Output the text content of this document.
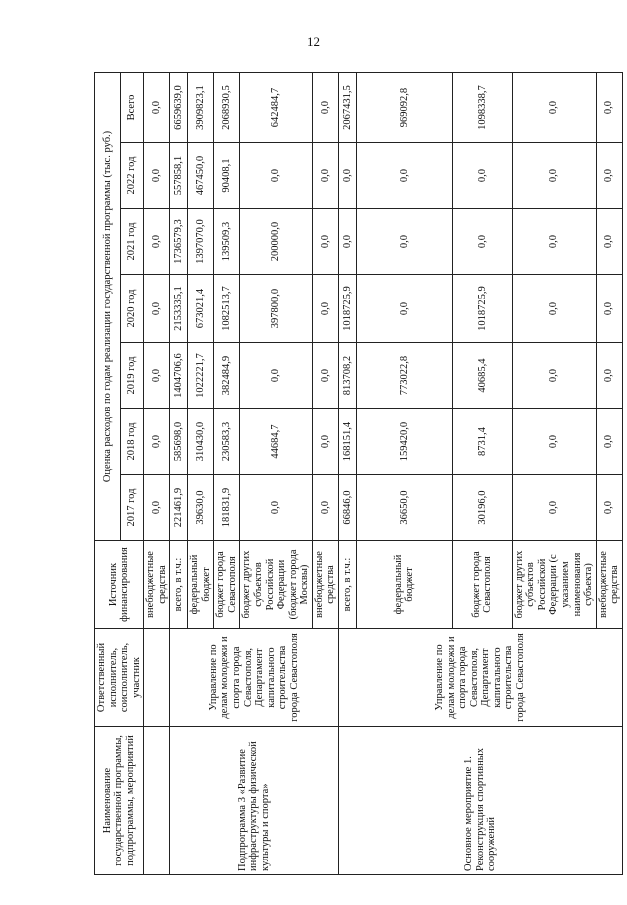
12
Наименование государственной программы, подпрограммы, мероприятий	Ответственный исполнитель, соисполнитель, участник	Источник финансирования	Оценка расходов по годам реализации государственной программы (тыс. руб.)						
			2017 год	2018 год	2019 год	2020 год	2021 год	2022 год	Всего
		внебюджетные средства	0,0	0,0	0,0	0,0	0,0	0,0	0,0
Подпрограмма 3 «Развитие инфраструктуры физической культуры и спорта»	Управление по делам молодежи и спорта города Севастополя, Департамент капитального строительства города Севастополя	всего, в т.ч.:	221461,9	585698,0	1404706,6	2153335,1	1736579,3	557858,1	6659639,0
		федеральный бюджет	39630,0	310430,0	1022221,7	673021,4	1397070,0	467450,0	3909823,1
		бюджет города Севастополя	181831,9	230583,3	382484,9	1082513,7	139509,3	90408,1	2068930,5
		бюджет других субъектов Российской Федерации (бюджет города Москвы)	0,0	44684,7	0,0	397800,0	200000,0	0,0	642484,7
		внебюджетные средства	0,0	0,0	0,0	0,0	0,0	0,0	0,0
Основное мероприятие 1. Реконструкция спортивных сооружений	Управление по делам молодежи и спорта города Севастополя, Департамент капитального строительства города Севастополя	всего, в т.ч.:	66846,0	168151,4	813708,2	1018725,9	0,0	0,0	2067431,5
		федеральный бюджет	36650,0	159420,0	773022,8	0,0	0,0	0,0	969092,8
		бюджет города Севастополя	30196,0	8731,4	40685,4	1018725,9	0,0	0,0	1098338,7
		бюджет других субъектов Российской Федерации (с указанием наименования субъекта)	0,0	0,0	0,0	0,0	0,0	0,0	0,0
		внебюджетные средства	0,0	0,0	0,0	0,0	0,0	0,0	0,0
